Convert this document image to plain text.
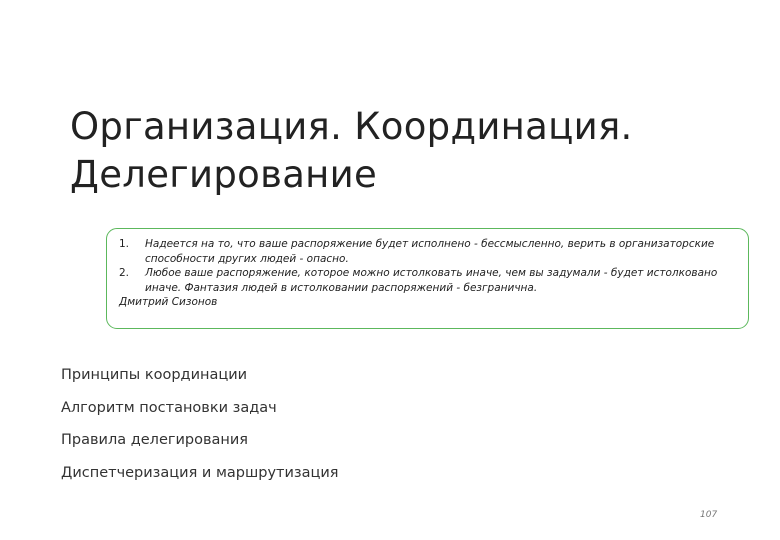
Организация. Координация.
Делегирование
1.	Надеется на то, что ваше распоряжение будет исполнено - бессмысленно, верить в организаторские способности других людей - опасно.
2.	Любое ваше распоряжение, которое можно истолковать иначе, чем вы задумали - будет истолковано иначе. Фантазия людей в истолковании распоряжений - безгранична.
Дмитрий Сизонов
Принципы координации
Алгоритм постановки задач
Правила делегирования
Диспетчеризация и маршрутизация
107
